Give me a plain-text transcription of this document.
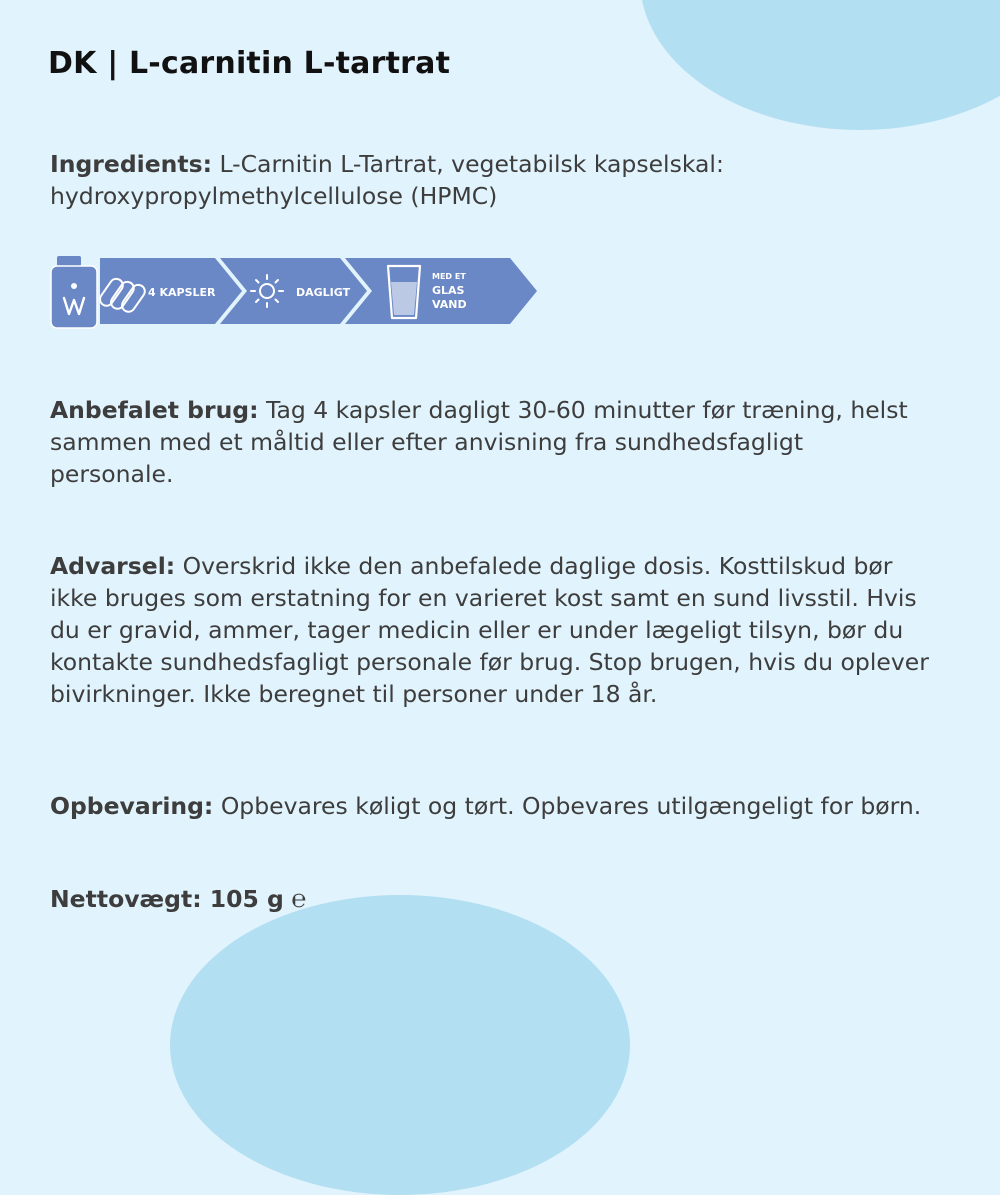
DK | L-carnitin L-tartrat

Ingredients: L-Carnitin L-Tartrat, vegetabilsk kapselskal: hydroxypropylmethylcellulose (HPMC)

4 KAPSLER	DAGLIGT
MED ET
GLAS
VAND

Anbefalet brug: Tag 4 kapsler dagligt 30-60 minutter før træning, helst sammen med et måltid eller efter anvisning fra sundhedsfagligt personale.

Advarsel: Overskrid ikke den anbefalede daglige dosis. Kosttilskud bør ikke bruges som erstatning for en varieret kost samt en sund livsstil. Hvis du er gravid, ammer, tager medicin eller er under lægeligt tilsyn, bør du kontakte sundhedsfagligt personale før brug. Stop brugen, hvis du oplever bivirkninger. Ikke beregnet til personer under 18 år.

Opbevaring: Opbevares køligt og tørt. Opbevares utilgængeligt for børn.

Nettovægt: 105 g ℮
